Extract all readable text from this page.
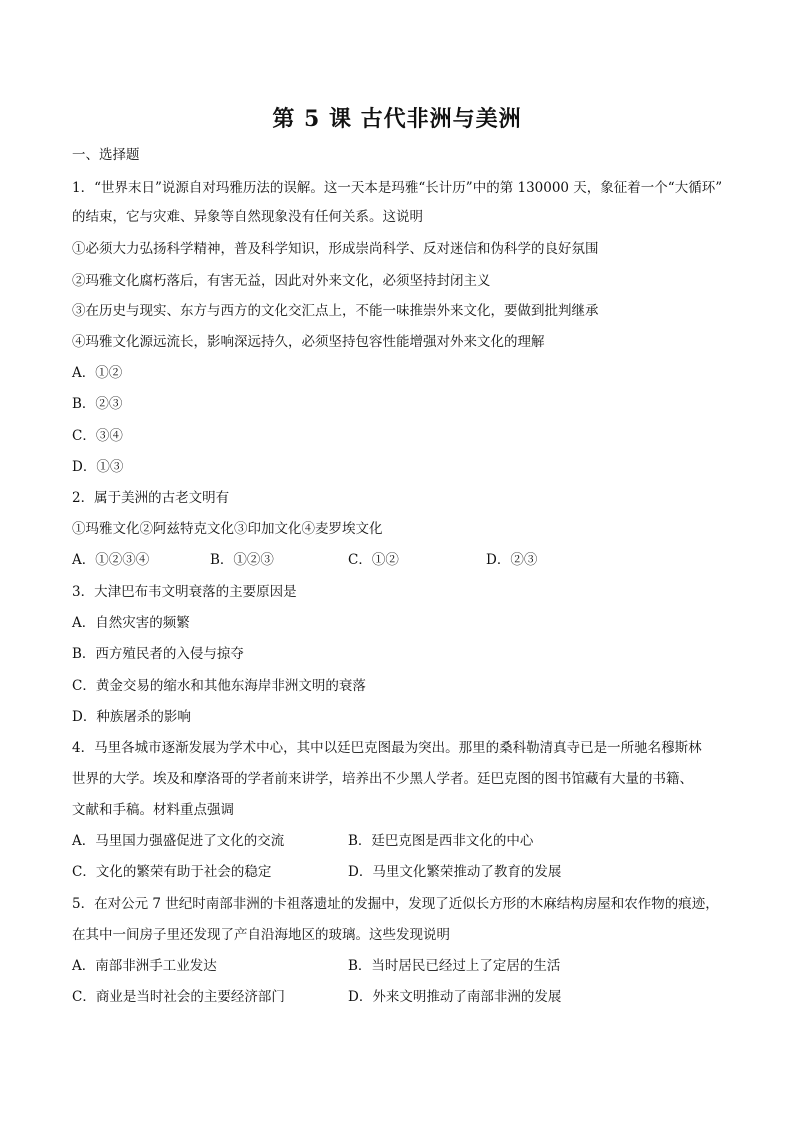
第 5 课 古代非洲与美洲
一、选择题
1．“世界末日”说源自对玛雅历法的误解。这一天本是玛雅“长计历”中的第 130000 天，象征着一个“大循环”
的结束，它与灾难、异象等自然现象没有任何关系。这说明
①必须大力弘扬科学精神，普及科学知识，形成崇尚科学、反对迷信和伪科学的良好氛围
②玛雅文化腐朽落后，有害无益，因此对外来文化，必须坚持封闭主义
③在历史与现实、东方与西方的文化交汇点上，不能一味推崇外来文化，要做到批判继承
④玛雅文化源远流长，影响深远持久，必须坚持包容性能增强对外来文化的理解
A．①②
B．②③
C．③④
D．①③
2．属于美洲的古老文明有
①玛雅文化②阿兹特克文化③印加文化④麦罗埃文化
A．①②③④	B．①②③	C．①②	D．②③
3．大津巴布韦文明衰落的主要原因是
A．自然灾害的频繁
B．西方殖民者的入侵与掠夺
C．黄金交易的缩水和其他东海岸非洲文明的衰落
D．种族屠杀的影响
4．马里各城市逐渐发展为学术中心，其中以廷巴克图最为突出。那里的桑科勒清真寺已是一所驰名穆斯林
世界的大学。埃及和摩洛哥的学者前来讲学，培养出不少黑人学者。廷巴克图的图书馆藏有大量的书籍、
文献和手稿。材料重点强调
A．马里国力强盛促进了文化的交流	B．廷巴克图是西非文化的中心
C．文化的繁荣有助于社会的稳定	D．马里文化繁荣推动了教育的发展
5．在对公元 7 世纪时南部非洲的卡祖落遗址的发掘中，发现了近似长方形的木麻结构房屋和农作物的痕迹，
在其中一间房子里还发现了产自沿海地区的玻璃。这些发现说明
A．南部非洲手工业发达	B．当时居民已经过上了定居的生活
C．商业是当时社会的主要经济部门	D．外来文明推动了南部非洲的发展
